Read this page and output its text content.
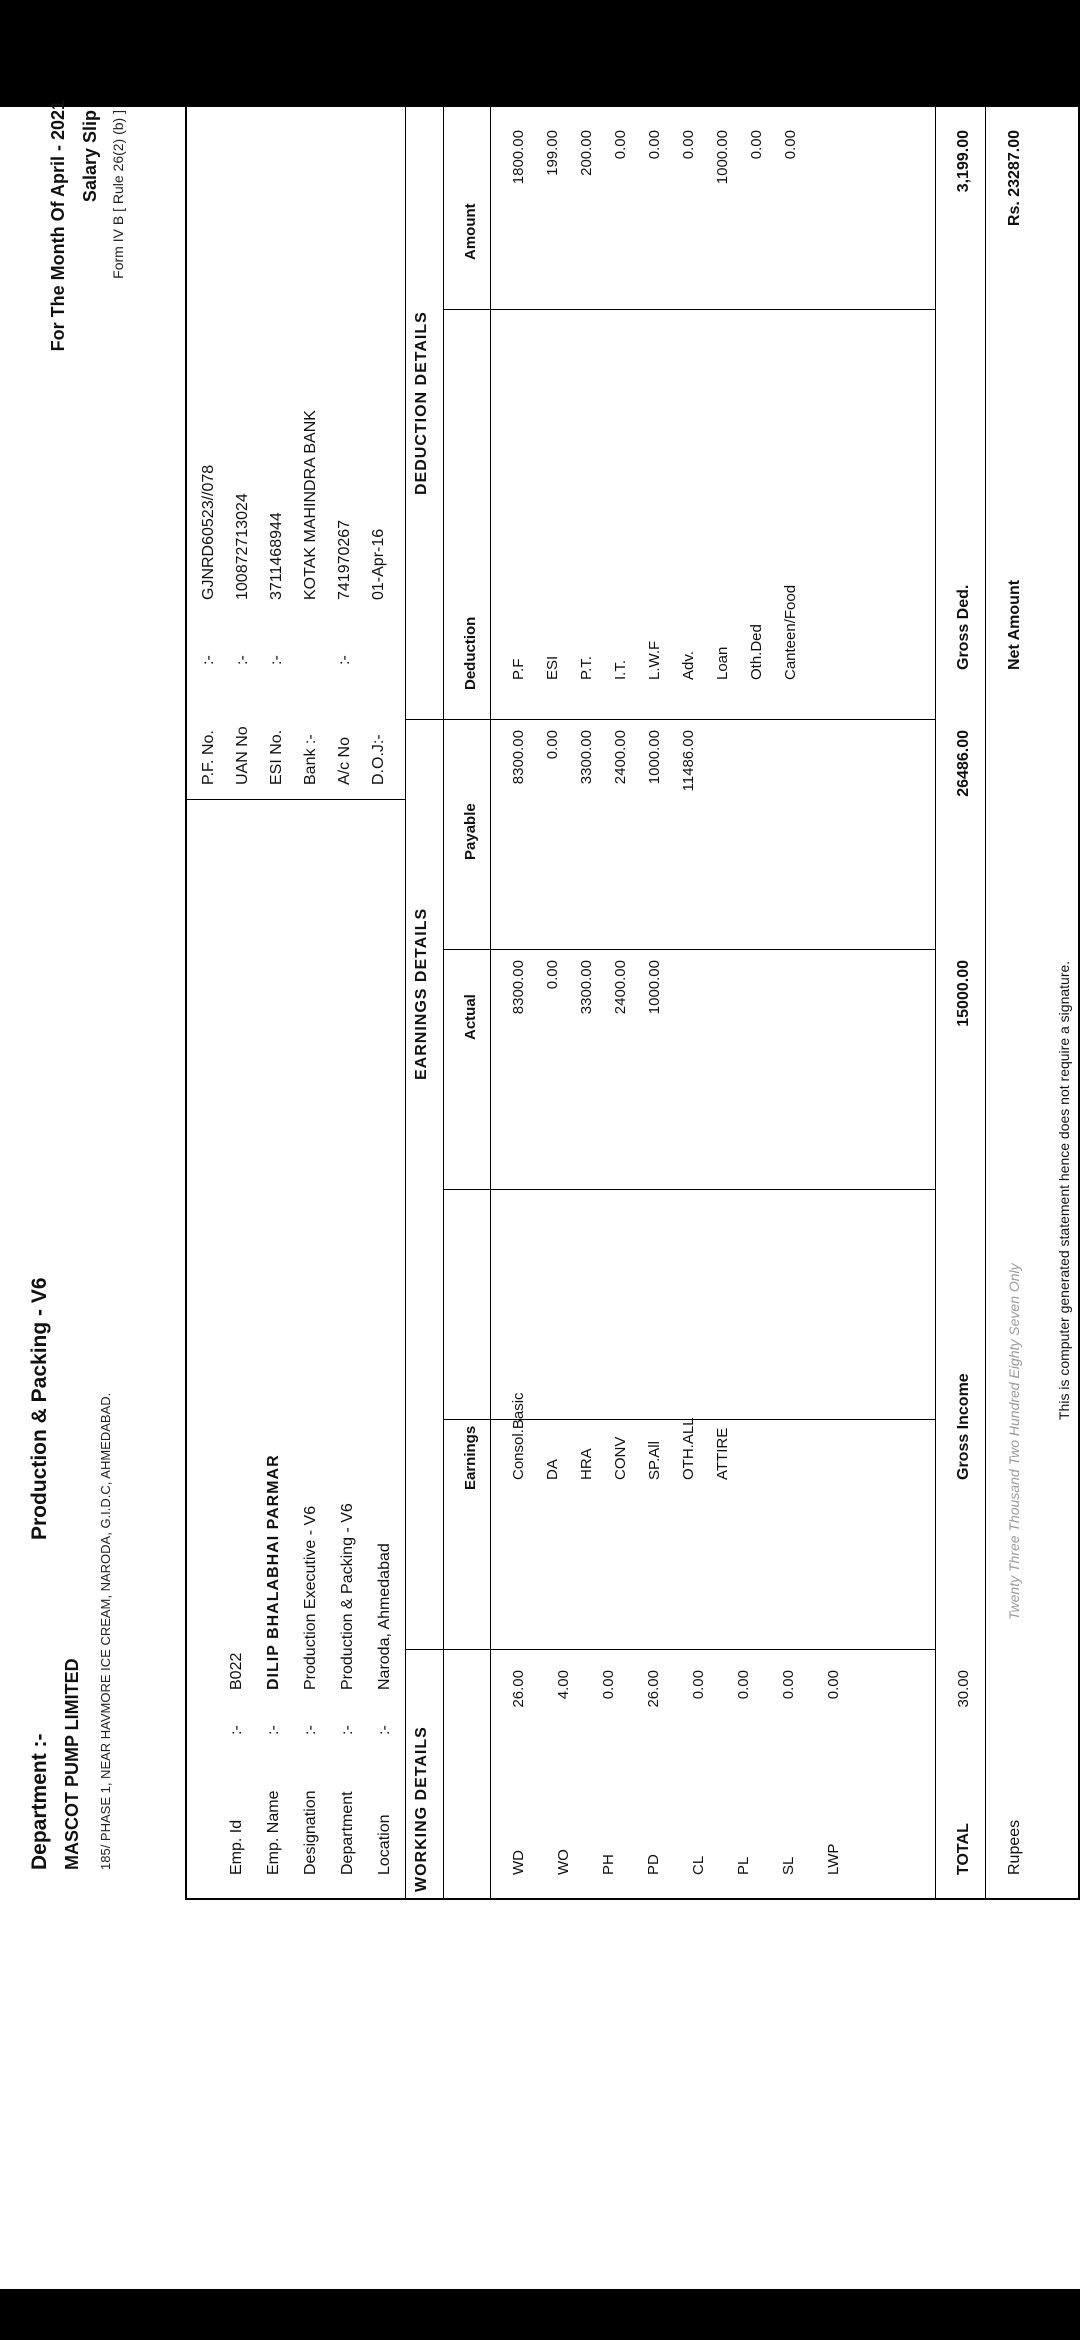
Department :-
Production & Packing - V6
MASCOT PUMP LIMITED 185/ PHASE 1, NEAR HAVMORE ICE CREAM, NARODA, G.I.D.C, AHMEDABAD.
For The Month Of April - 2021 Salary Slip Form IV B [ Rule 26(2) (b) ]
Emp. Id
:-
B022
Emp. Name
:-
DILIP BHALABHAI PARMAR
Designation
:-
Production Executive - V6
Department
:-
Production & Packing - V6
Location
:-
Naroda, Ahmedabad
P.F. No.
:-
GJNRD60523//078
UAN No
:-
100872713024
ESI No.
:-
3711468944
Bank :-
KOTAK MAHINDRA BANK
A/c No
:-
741970267
D.O.J:-
01-Apr-16
WORKING DETAILS
EARNINGS DETAILS
DEDUCTION DETAILS
Earnings
Actual
Payable
Deduction
Amount
WD
26.00
WO
4.00
PH
0.00
PD
26.00
CL
0.00
PL
0.00
SL
0.00
LWP
0.00
Consol.Basic
8300.00
8300.00
DA
0.00
0.00
HRA
3300.00
3300.00
CONV
2400.00
2400.00
SP.All
1000.00
1000.00
OTH.ALL
11486.00
ATTIRE
P.F
1800.00
ESI
199.00
P.T.
200.00
I.T.
0.00
L.W.F
0.00
Adv.
0.00
Loan
1000.00
Oth.Ded
0.00
Canteen/Food
0.00
TOTAL
30.00
Gross Income
15000.00
26486.00
Gross Ded.
3,199.00
Rupees
Twenty Three Thousand Two Hundred Eighty Seven Only
Net Amount
Rs. 23287.00
This is computer generated statement hence does not require a signature.
